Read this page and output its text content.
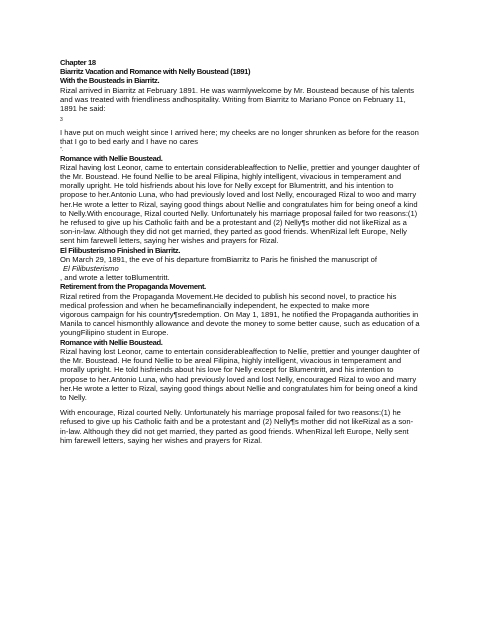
Chapter 18
Biarritz Vacation and Romance with Nelly Boustead (1891)
With the Bousteads in Biarritz.
Rizal arrived in Biarritz at February 1891. He was warmlywelcome by Mr. Boustead because of his talents
and was treated with friendliness andhospitality. Writing from Biarritz to Mariano Ponce on February 11,
1891 he said:
3
I have put on much weight since I arrived here; my cheeks are no longer shrunken as before for the reason
that I go to bed early and I have no cares
".
Romance with Nellie Boustead.
Rizal having lost Leonor, came to entertain considerableaffection to Nellie, prettier and younger daughter of
the Mr. Boustead. He found Nellie to be areal Filipina, highly intelligent, vivacious in temperament and
morally upright. He told hisfriends about his love for Nelly except for Blumentritt, and his intention to
propose to her.Antonio Luna, who had previously loved and lost Nelly, encouraged Rizal to woo and marry
her.He wrote a letter to Rizal, saying good things about Nellie and congratulates him for being oneof a kind
to Nelly.With encourage, Rizal courted Nelly. Unfortunately his marriage proposal failed for two reasons:(1)
he refused to give up his Catholic faith and be a protestant and (2) Nelly¶s mother did not likeRizal as a
son-in-law. Although they did not get married, they parted as good friends. WhenRizal left Europe, Nelly
sent him farewell letters, saying her wishes and prayers for Rizal.
El Filibusterismo Finished in Biarritz.
On March 29, 1891, the eve of his departure fromBiarritz to Paris he finished the manuscript of
El Filibusterismo
, and wrote a letter toBlumentritt.
Retirement from the Propaganda Movement.
Rizal retired from the Propaganda Movement.He decided to publish his second novel, to practice his
medical profession and when he becamefinancially independent, he expected to make more
vigorous campaign for his country¶sredemption. On May 1, 1891, he notified the Propaganda authorities in
Manila to cancel hismonthly allowance and devote the money to some better cause, such as education of a
youngFilipino student in Europe.
Romance with Nellie Boustead.
Rizal having lost Leonor, came to entertain considerableaffection to Nellie, prettier and younger daughter of
the Mr. Boustead. He found Nellie to be areal Filipina, highly intelligent, vivacious in temperament and
morally upright. He told hisfriends about his love for Nelly except for Blumentritt, and his intention to
propose to her.Antonio Luna, who had previously loved and lost Nelly, encouraged Rizal to woo and marry
her.He wrote a letter to Rizal, saying good things about Nellie and congratulates him for being oneof a kind
to Nelly.
With encourage, Rizal courted Nelly. Unfortunately his marriage proposal failed for two reasons:(1) he
refused to give up his Catholic faith and be a protestant and (2) Nelly¶s mother did not likeRizal as a son-
in-law. Although they did not get married, they parted as good friends. WhenRizal left Europe, Nelly sent
him farewell letters, saying her wishes and prayers for Rizal.
